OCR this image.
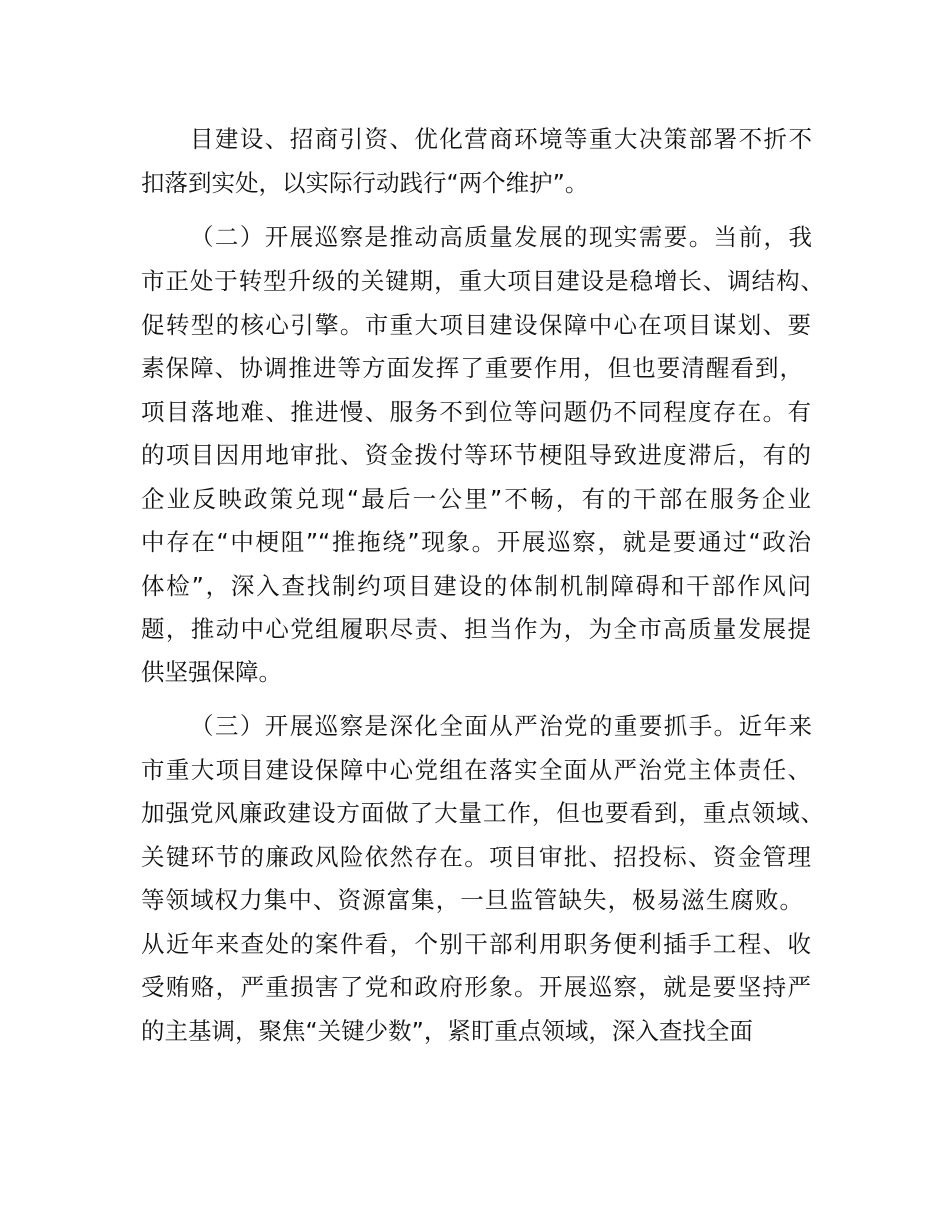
目建设、招商引资、优化营商环境等重大决策部署不折不
扣落到实处，以实际行动践行“两个维护”。
（二）开展巡察是推动高质量发展的现实需要。当前，我
市正处于转型升级的关键期，重大项目建设是稳增长、调结构、
促转型的核心引擎。市重大项目建设保障中心在项目谋划、要
素保障、协调推进等方面发挥了重要作用，但也要清醒看到，
项目落地难、推进慢、服务不到位等问题仍不同程度存在。有
的项目因用地审批、资金拨付等环节梗阻导致进度滞后，有的
企业反映政策兑现“最后一公里”不畅，有的干部在服务企业
中存在“中梗阻”“推拖绕”现象。开展巡察，就是要通过“政治
体检”，深入查找制约项目建设的体制机制障碍和干部作风问
题，推动中心党组履职尽责、担当作为，为全市高质量发展提
供坚强保障。
（三）开展巡察是深化全面从严治党的重要抓手。近年来
市重大项目建设保障中心党组在落实全面从严治党主体责任、
加强党风廉政建设方面做了大量工作，但也要看到，重点领域、
关键环节的廉政风险依然存在。项目审批、招投标、资金管理
等领域权力集中、资源富集，一旦监管缺失，极易滋生腐败。
从近年来查处的案件看，个别干部利用职务便利插手工程、收
受贿赂，严重损害了党和政府形象。开展巡察，就是要坚持严
的主基调，聚焦“关键少数”，紧盯重点领域，深入查找全面
